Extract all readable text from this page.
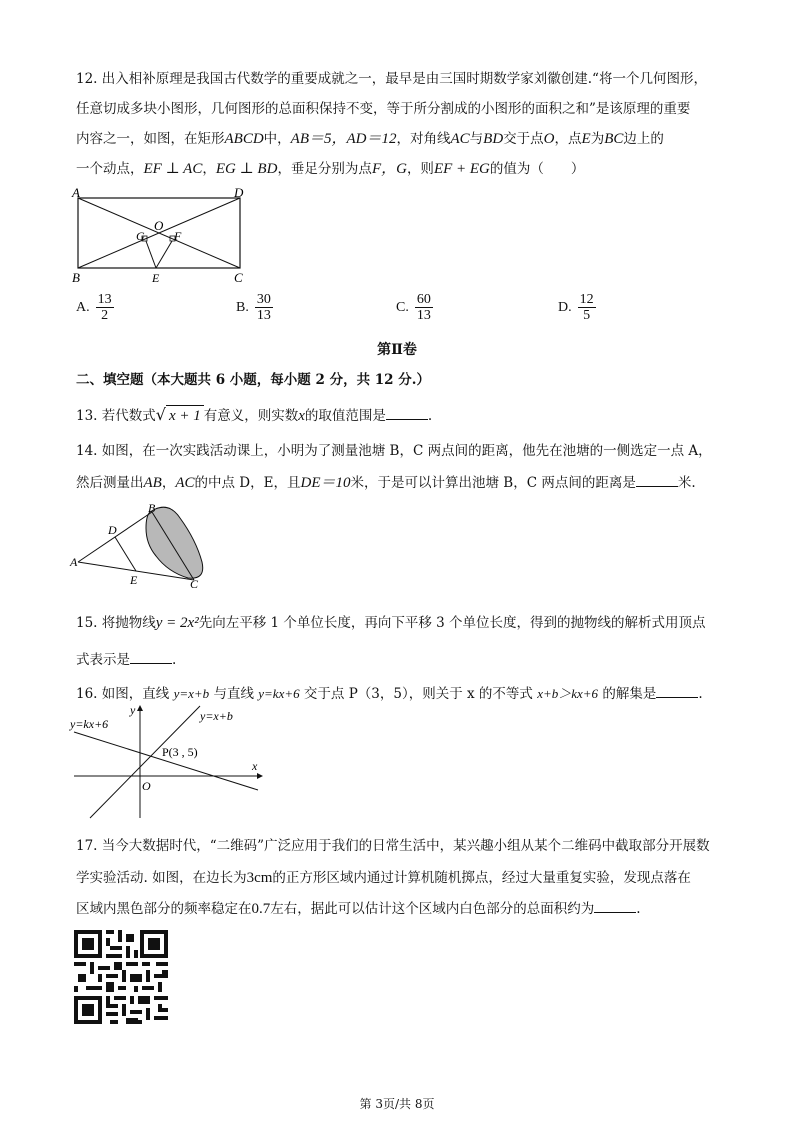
12. 出入相补原理是我国古代数学的重要成就之一，最早是由三国时期数学家刘徽创建.“将一个几何图形，
任意切成多块小图形，几何图形的总面积保持不变，等于所分割成的小图形的面积之和”是该原理的重要
内容之一，如图，在矩形ABCD中，AB＝5，AD＝12，对角线AC与BD交于点O，点E为BC边上的
一个动点，EF ⊥ AC，EG ⊥ BD，垂足分别为点F，G，则EF + EG的值为（　　）
A	D
B	C
O
G F
E
A. $\frac{13}{2}$	B. $\frac{30}{13}$	C. $\frac{60}{13}$	D. $\frac{12}{5}$
第Ⅱ卷
二、填空题（本大题共 6 小题，每小题 2 分，共 12 分.）
13. 若代数式√ x + 1 有意义，则实数x的取值范围是	.
14. 如图，在一次实践活动课上，小明为了测量池塘 B，C 两点间的距离，他先在池塘的一侧选定一点 A，
然后测量出AB，AC的中点 D，E，且DE＝10米，于是可以计算出池塘 B，C 两点间的距离是	米.
A
B
C
D
E
15. 将抛物线y = 2x²先向左平移 1 个单位长度，再向下平移 3 个单位长度，得到的抛物线的解析式用顶点
式表示是	.
16. 如图，直线 y=x+b 与直线 y=kx+6 交于点 P（3，5），则关于 x 的不等式 x+b＞kx+6 的解集是	.
y=kx+6
y=x+b
P(3 , 5)
x
y
O
17. 当今大数据时代，“二维码”广泛应用于我们的日常生活中，某兴趣小组从某个二维码中截取部分开展数
学实验活动. 如图，在边长为3cm的正方形区域内通过计算机随机掷点，经过大量重复实验，发现点落在
区域内黑色部分的频率稳定在0.7左右，据此可以估计这个区域内白色部分的总面积约为	.
第 3页/共 8页
